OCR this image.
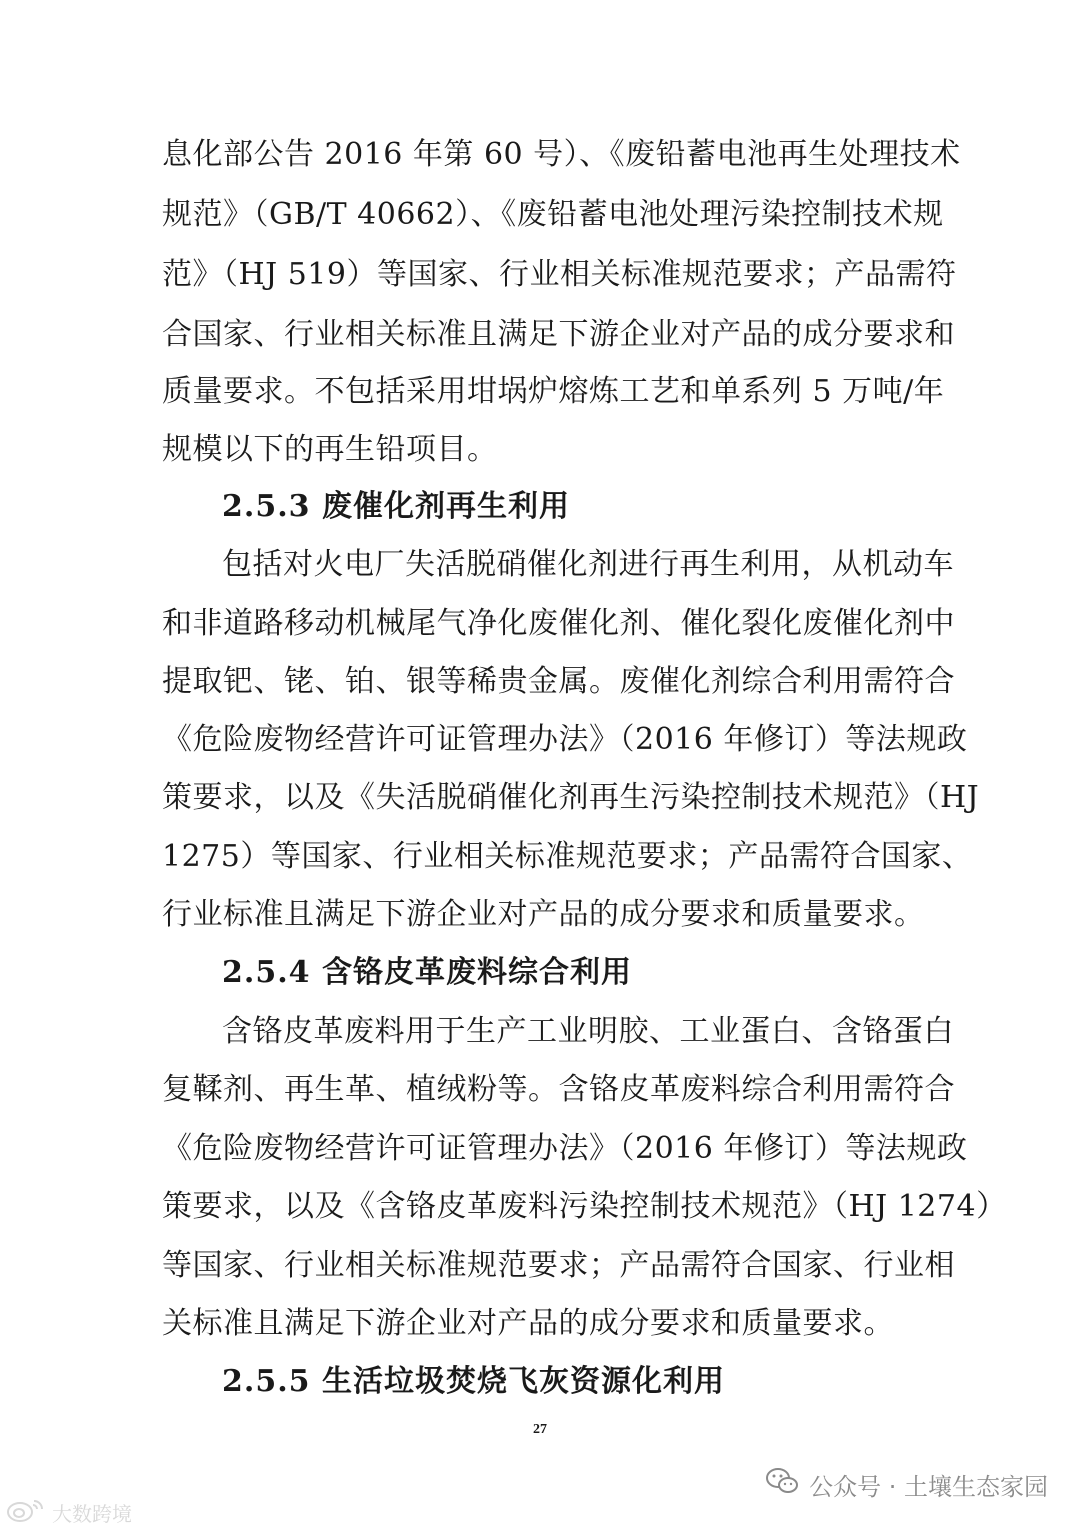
息化部公告 2016 年第 60 号）、《废铅蓄电池再生处理技术
规范》（GB/T 40662）、《废铅蓄电池处理污染控制技术规
范》（HJ 519）等国家、行业相关标准规范要求；产品需符
合国家、行业相关标准且满足下游企业对产品的成分要求和
质量要求。不包括采用坩埚炉熔炼工艺和单系列 5 万吨/年
规模以下的再生铅项目。
2.5.3 废催化剂再生利用
包括对火电厂失活脱硝催化剂进行再生利用，从机动车
和非道路移动机械尾气净化废催化剂、催化裂化废催化剂中
提取钯、铑、铂、银等稀贵金属。废催化剂综合利用需符合
《危险废物经营许可证管理办法》（2016 年修订）等法规政
策要求，以及《失活脱硝催化剂再生污染控制技术规范》（HJ
1275）等国家、行业相关标准规范要求；产品需符合国家、
行业标准且满足下游企业对产品的成分要求和质量要求。
2.5.4 含铬皮革废料综合利用
含铬皮革废料用于生产工业明胶、工业蛋白、含铬蛋白
复鞣剂、再生革、植绒粉等。含铬皮革废料综合利用需符合
《危险废物经营许可证管理办法》（2016 年修订）等法规政
策要求，以及《含铬皮革废料污染控制技术规范》（HJ 1274）
等国家、行业相关标准规范要求；产品需符合国家、行业相
关标准且满足下游企业对产品的成分要求和质量要求。
2.5.5 生活垃圾焚烧飞灰资源化利用
27
大数跨境
公众号 · 土壤生态家园
